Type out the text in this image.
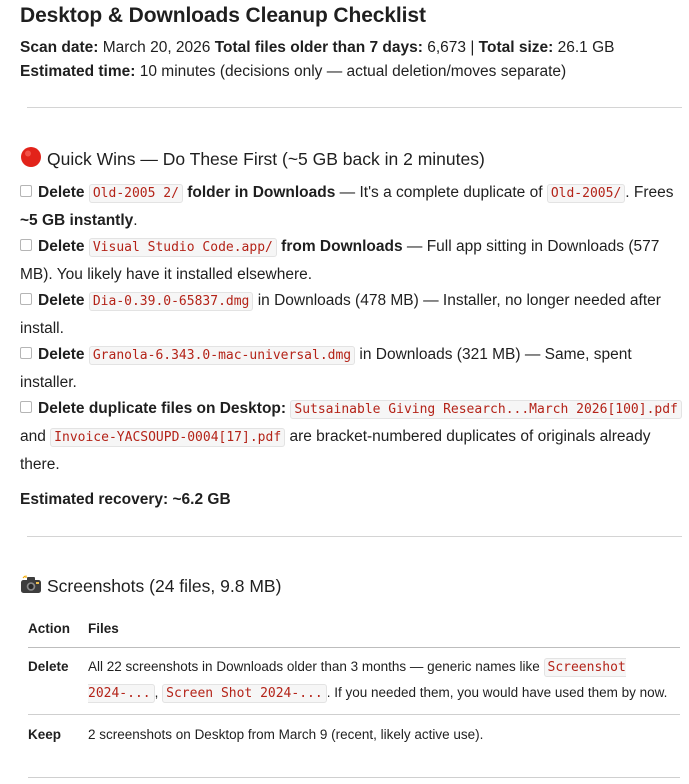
Desktop & Downloads Cleanup Checklist
Scan date: March 20, 2026 Total files older than 7 days: 6,673 | Total size: 26.1 GB
Estimated time: 10 minutes (decisions only — actual deletion/moves separate)
Quick Wins — Do These First (~5 GB back in 2 minutes)
Delete Old-2005 2/ folder in Downloads — It's a complete duplicate of Old-2005/ . Frees ~5 GB instantly.
Delete Visual Studio Code.app/ from Downloads — Full app sitting in Downloads (577 MB). You likely have it installed elsewhere.
Delete Dia-0.39.0-65837.dmg in Downloads (478 MB) — Installer, no longer needed after install.
Delete Granola-6.343.0-mac-universal.dmg in Downloads (321 MB) — Same, spent installer.
Delete duplicate files on Desktop: Sutsainable Giving Research...March 2026[100].pdf and Invoice-YACSOUPD-0004[17].pdf are bracket-numbered duplicates of originals already there.
Estimated recovery: ~6.2 GB
Screenshots (24 files, 9.8 MB)
Action	Files
Delete	All 22 screenshots in Downloads older than 3 months — generic names like Screenshot 2024-... , Screen Shot 2024-... . If you needed them, you would have used them by now.
Keep	2 screenshots on Desktop from March 9 (recent, likely active use).
